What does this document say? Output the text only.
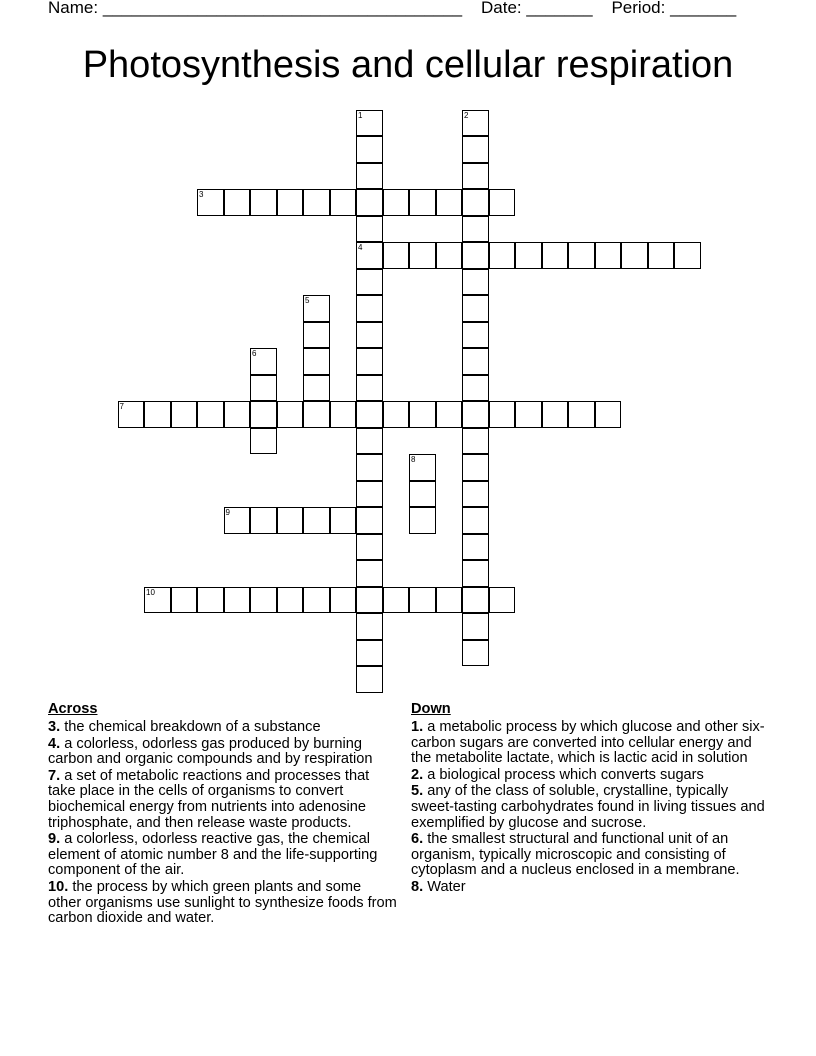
Name: ______________________________________ Date: _______ Period: _______
Photosynthesis and cellular respiration
3
4
7
9
10
1	2
5
6
8
Across
3. the chemical breakdown of a substance
4. a colorless, odorless gas produced by burning carbon and organic compounds and by respiration
7. a set of metabolic reactions and processes that take place in the cells of organisms to convert biochemical energy from nutrients into adenosine triphosphate, and then release waste products.
9. a colorless, odorless reactive gas, the chemical element of atomic number 8 and the life-supporting component of the air.
10. the process by which green plants and some other organisms use sunlight to synthesize foods from carbon dioxide and water.
Down
1. a metabolic process by which glucose and other six-carbon sugars are converted into cellular energy and the metabolite lactate, which is lactic acid in solution
2. a biological process which converts sugars
5. any of the class of soluble, crystalline, typically sweet-tasting carbohydrates found in living tissues and exemplified by glucose and sucrose.
6. the smallest structural and functional unit of an organism, typically microscopic and consisting of cytoplasm and a nucleus enclosed in a membrane.
8. Water
